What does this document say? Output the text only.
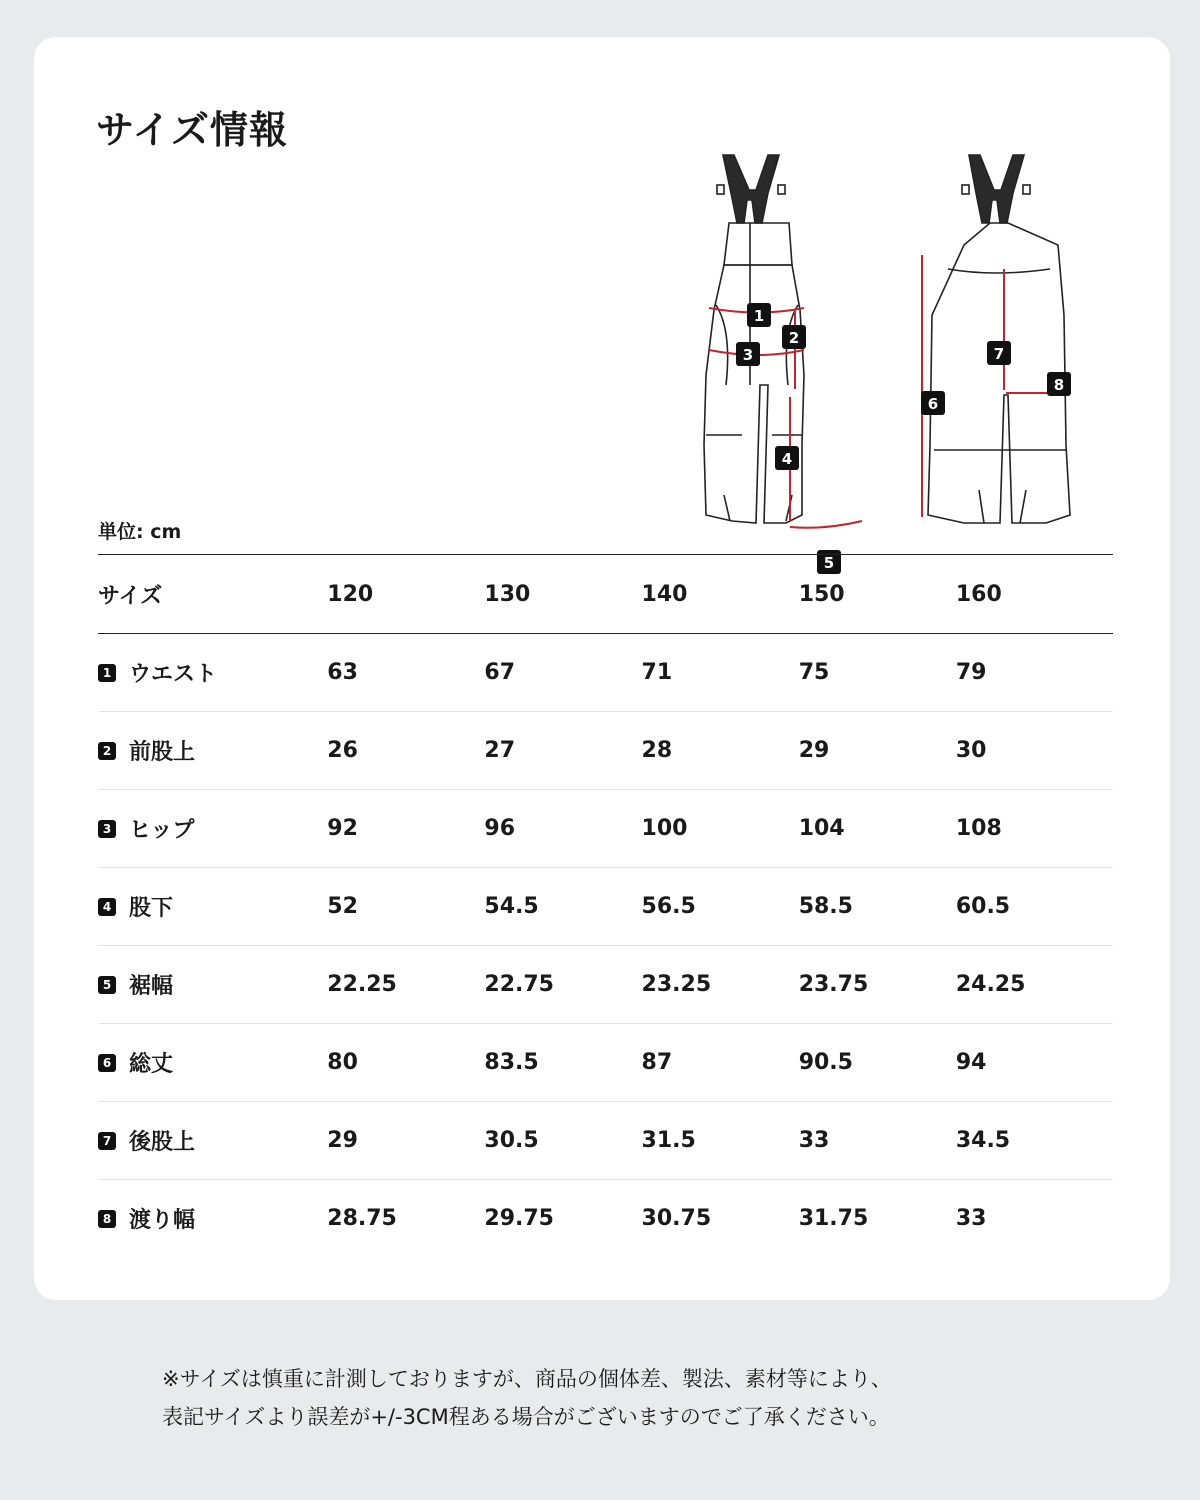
サイズ情報
1
2
3
4
5
6
7
8
単位: cm
サイズ	120	130	140	150	160

1 ウエスト	63	67	71	75	79

2 前股上	26	27	28	29	30

3 ヒップ	92	96	100	104	108

4 股下	52	54.5	56.5	58.5	60.5

5 裾幅	22.25	22.75	23.25	23.75	24.25

6 総丈	80	83.5	87	90.5	94

7 後股上	29	30.5	31.5	33	34.5

8 渡り幅	28.75	29.75	30.75	31.75	33

※サイズは慎重に計測しておりますが、商品の個体差、製法、素材等により、

表記サイズより誤差が+/-3CM程ある場合がございますのでご了承ください。
